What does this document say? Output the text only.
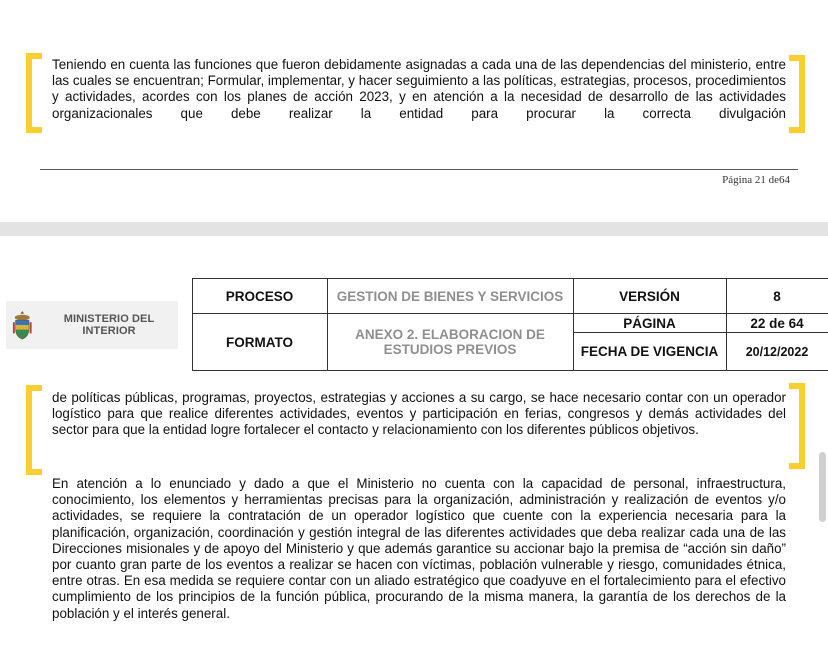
Teniendo en cuenta las funciones que fueron debidamente asignadas a cada una de las dependencias del ministerio, entre las cuales se encuentran; Formular, implementar, y hacer seguimiento a las políticas, estrategias, procesos, procedimientos y actividades, acordes con los planes de acción 2023, y en atención a la necesidad de desarrollo de las actividades organizacionales que debe realizar la entidad para procurar la correcta divulgación

Página 21 de64
MINISTERIO DEL INTERIOR	PROCESO	GESTION DE BIENES Y SERVICIOS	VERSIÓN	8
	FORMATO	ANEXO 2. ELABORACION DE ESTUDIOS PREVIOS	PÁGINA	22 de 64
			FECHA DE VIGENCIA	20/12/2022

de políticas públicas, programas, proyectos, estrategias y acciones a su cargo, se hace necesario contar con un operador logístico para que realice diferentes actividades, eventos y participación en ferias, congresos y demás actividades del sector para que la entidad logre fortalecer el contacto y relacionamiento con los diferentes públicos objetivos.

En atención a lo enunciado y dado a que el Ministerio no cuenta con la capacidad de personal, infraestructura, conocimiento, los elementos y herramientas precisas para la organización, administración y realización de eventos y/o actividades, se requiere la contratación de un operador logístico que cuente con la experiencia necesaria para la planificación, organización, coordinación y gestión integral de las diferentes actividades que deba realizar cada una de las Direcciones misionales y de apoyo del Ministerio y que además garantice su accionar bajo la premisa de “acción sin daño” por cuanto gran parte de los eventos a realizar se hacen con víctimas, población vulnerable y riesgo, comunidades étnica, entre otras. En esa medida se requiere contar con un aliado estratégico que coadyuve en el fortalecimiento para el efectivo cumplimiento de los principios de la función pública, procurando de la misma manera, la garantía de los derechos de la población y el interés general.
